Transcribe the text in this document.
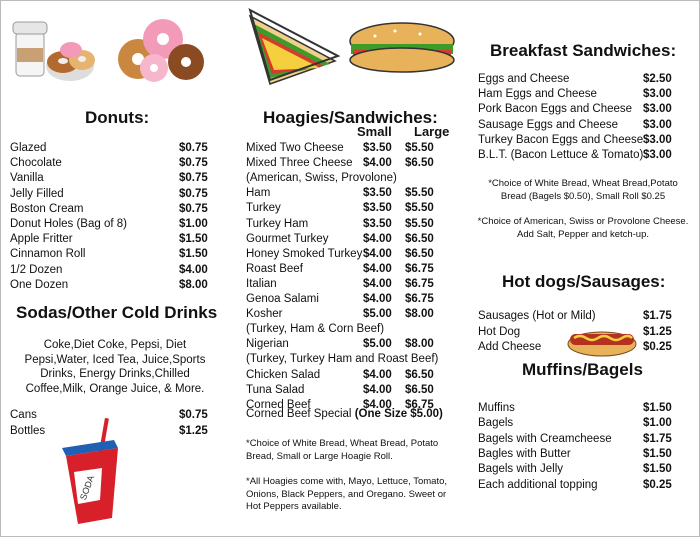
SODA
Donuts:
Glazed	$0.75
Chocolate	$0.75
Vanilla	$0.75
Jelly Filled	$0.75
Boston Cream	$0.75
Donut Holes (Bag of 8)	$1.00
Apple Fritter	$1.50
Cinnamon Roll	$1.50
1/2 Dozen	$4.00
One Dozen	$8.00
Sodas/Other Cold Drinks
Coke,Diet Coke, Pepsi, Diet Pepsi,Water, Iced Tea, Juice,Sports Drinks, Energy Drinks,Chilled Coffee,Milk, Orange Juice, & More.
Cans	$0.75
Bottles	$1.25
Hoagies/Sandwiches:
Small Large
Mixed Two Cheese $3.50 $5.50
Mixed Three Cheese $4.00 $6.50
(American, Swiss, Provolone)
Ham	$3.50 $5.50
Turkey	$3.50 $5.50
Turkey Ham	$3.50 $5.50
Gourmet Turkey	$4.00 $6.50
Honey Smoked Turkey $4.00 $6.50
Roast Beef	$4.00 $6.75
Italian	$4.00 $6.75
Genoa Salami	$4.00 $6.75
Kosher	$5.00 $8.00
(Turkey, Ham & Corn Beef)
Nigerian	$5.00 $8.00
(Turkey, Turkey Ham and Roast Beef)
Chicken Salad	$4.00 $6.50
Tuna Salad	$4.00 $6.50
Corned Beef	$4.00 $6.75
Corned Beef Special (One Size $5.00)
*Choice of White Bread, Wheat Bread, Potato Bread, Small or Large Hoagie Roll.
*All Hoagies come with, Mayo, Lettuce, Tomato, Onions, Black Peppers, and Oregano. Sweet or Hot Peppers available.
Breakfast Sandwiches:
Eggs and Cheese	$2.50
Ham Eggs and Cheese	$3.00
Pork Bacon Eggs and Cheese $3.00
Sausage Eggs and Cheese $3.00
Turkey Bacon Eggs and Cheese $3.00
B.L.T. (Bacon Lettuce & Tomato) $3.00
*Choice of White Bread, Wheat Bread,Potato Bread (Bagels $0.50), Small Roll $0.25
*Choice of American, Swiss or Provolone Cheese. Add Salt, Pepper and ketch-up.
Hot dogs/Sausages:
Sausages (Hot or Mild)	$1.75
Hot Dog	$1.25
Add Cheese	$0.25
Muffins/Bagels
Muffins	$1.50
Bagels	$1.00
Bagels with Creamcheese	$1.75
Bagles with Butter	$1.50
Bagels with Jelly	$1.50
Each additional topping	$0.25
